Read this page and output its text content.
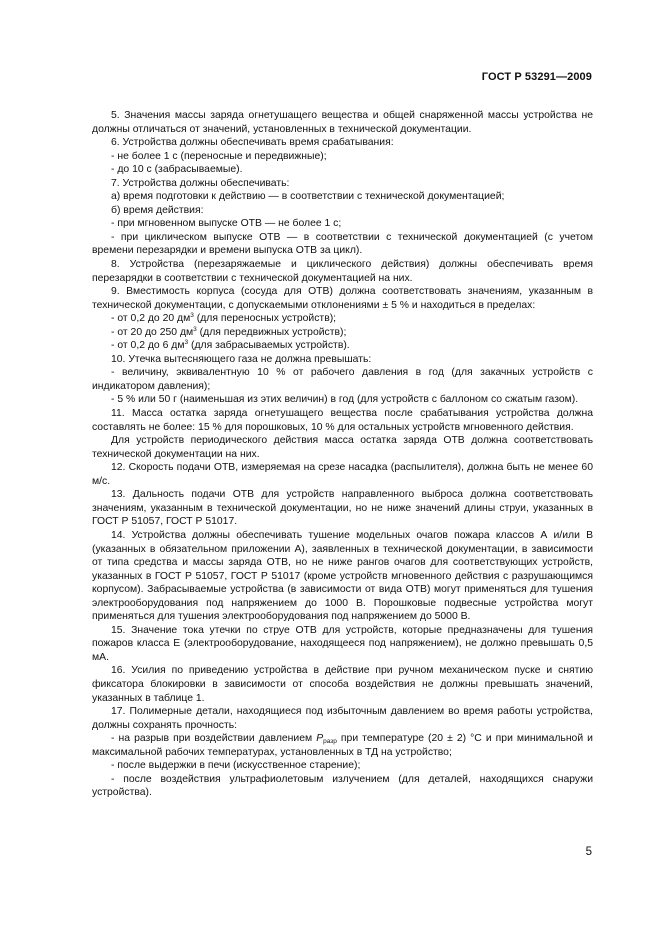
ГОСТ Р 53291—2009

5. Значения массы заряда огнетушащего вещества и общей снаряженной массы устройства не должны отличаться от значений, установленных в технической документации.

6. Устройства должны обеспечивать время срабатывания:

- не более 1 с (переносные и передвижные);

- до 10 с (забрасываемые).

7. Устройства должны обеспечивать:

а) время подготовки к действию — в соответствии с технической документацией;

б) время действия:

- при мгновенном выпуске ОТВ — не более 1 с;

- при циклическом выпуске ОТВ — в соответствии с технической документацией (с учетом времени перезарядки и времени выпуска ОТВ за цикл).

8. Устройства (перезаряжаемые и циклического действия) должны обеспечивать время перезарядки в соответствии с технической документацией на них.

9. Вместимость корпуса (сосуда для ОТВ) должна соответствовать значениям, указанным в технической документации, с допускаемыми отклонениями ± 5 % и находиться в пределах:

- от 0,2 до 20 $дм^3$ (для переносных устройств);

- от 20 до 250 $дм^3$ (для передвижных устройств);

- от 0,2 до 6 $дм^3$ (для забрасываемых устройств).

10. Утечка вытесняющего газа не должна превышать:

- величину, эквивалентную 10 % от рабочего давления в год (для закачных устройств с индикатором давления);

- 5 % или 50 г (наименьшая из этих величин) в год (для устройств с баллоном со сжатым газом).

11. Масса остатка заряда огнетушащего вещества после срабатывания устройства должна составлять не более: 15 % для порошковых, 10 % для остальных устройств мгновенного действия.

Для устройств периодического действия масса остатка заряда ОТВ должна соответствовать технической документации на них.

12. Скорость подачи ОТВ, измеряемая на срезе насадка (распылителя), должна быть не менее 60 м/с.

13. Дальность подачи ОТВ для устройств направленного выброса должна соответствовать значениям, указанным в технической документации, но не ниже значений длины струи, указанных в ГОСТ Р 51057, ГОСТ Р 51017.

14. Устройства должны обеспечивать тушение модельных очагов пожара классов А и/или В (указанных в обязательном приложении А), заявленных в технической документации, в зависимости от типа средства и массы заряда ОТВ, но не ниже рангов очагов для соответствующих устройств, указанных в ГОСТ Р 51057, ГОСТ Р 51017 (кроме устройств мгновенного действия с разрушающимся корпусом). Забрасываемые устройства (в зависимости от вида ОТВ) могут применяться для тушения электрооборудования под напряжением до 1000 В. Порошковые подвесные устройства могут применяться для тушения электрооборудования под напряжением до 5000 В.

15. Значение тока утечки по струе ОТВ для устройств, которые предназначены для тушения пожаров класса Е (электрооборудование, находящееся под напряжением), не должно превышать 0,5 мА.

16. Усилия по приведению устройства в действие при ручном механическом пуске и снятию фиксатора блокировки в зависимости от способа воздействия не должны превышать значений, указанных в таблице 1.

17. Полимерные детали, находящиеся под избыточным давлением во время работы устройства, должны сохранять прочность:

- на разрыв при воздействии давлением $P_{разр}$ при температуре (20 ± 2) °С и при минимальной и максимальной рабочих температурах, установленных в ТД на устройство;

- после выдержки в печи (искусственное старение);

- после воздействия ультрафиолетовым излучением (для деталей, находящихся снаружи устройства).

5
